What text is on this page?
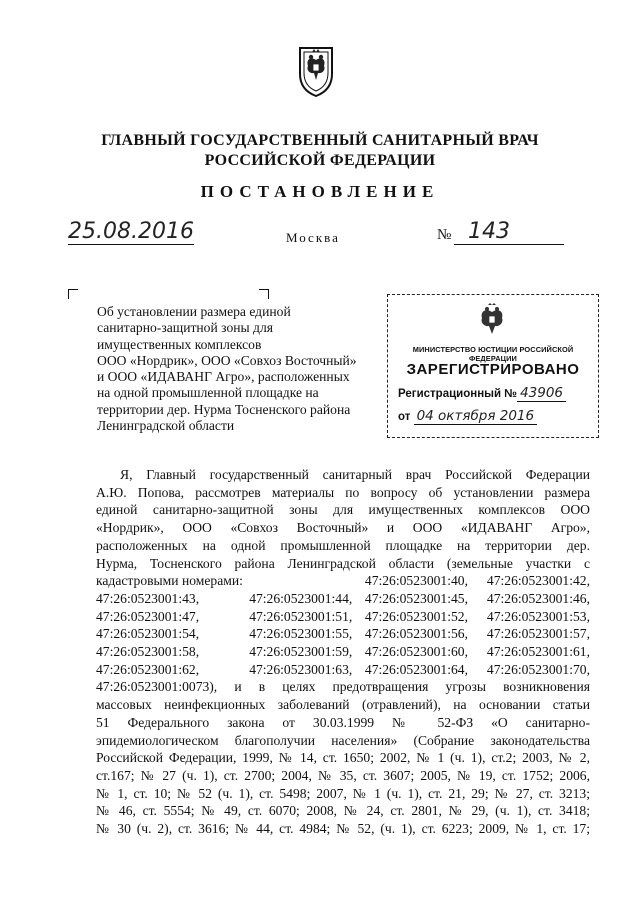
ГЛАВНЫЙ ГОСУДАРСТВЕННЫЙ САНИТАРНЫЙ ВРАЧ
РОССИЙСКОЙ ФЕДЕРАЦИИ
ПОСТАНОВЛЕНИЕ
25.08.2016	Москва	№ 143
Об установлении размера единой
санитарно-защитной зоны для
имущественных комплексов
ООО «Нордрик», ООО «Совхоз Восточный»
и ООО «ИДАВАНГ Агро», расположенных
на одной промышленной площадке на
территории дер. Нурма Тосненского района
Ленинградской области
МИНИСТЕРСТВО ЮСТИЦИИ РОССИЙСКОЙ ФЕДЕРАЦИИ
ЗАРЕГИСТРИРОВАНО
Регистрационный № 43906
от 04 октября 2016
Я, Главный государственный санитарный врач Российской Федерации
А.Ю. Попова, рассмотрев материалы по вопросу об установлении размера
единой санитарно-защитной зоны для имущественных комплексов ООО
«Нордрик», ООО «Совхоз Восточный» и ООО «ИДАВАНГ Агро»,
расположенных на одной промышленной площадке на территории дер.
Нурма, Тосненского района Ленинградской области (земельные участки с
кадастровыми номерами:	47:26:0523001:40,	47:26:0523001:42,
47:26:0523001:43,	47:26:0523001:44, 47:26:0523001:45,	47:26:0523001:46,
47:26:0523001:47,	47:26:0523001:51, 47:26:0523001:52,	47:26:0523001:53,
47:26:0523001:54,	47:26:0523001:55, 47:26:0523001:56,	47:26:0523001:57,
47:26:0523001:58,	47:26:0523001:59, 47:26:0523001:60,	47:26:0523001:61,
47:26:0523001:62,	47:26:0523001:63, 47:26:0523001:64,	47:26:0523001:70,
47:26:0523001:0073), и в целях предотвращения угрозы возникновения
массовых неинфекционных заболеваний (отравлений), на основании статьи
51 Федерального закона от 30.03.1999 № 52-ФЗ «О санитарно-
эпидемиологическом благополучии населения» (Собрание законодательства
Российской Федерации, 1999, № 14, ст. 1650; 2002, № 1 (ч. 1), ст.2; 2003, № 2,
ст.167; № 27 (ч. 1), ст. 2700; 2004, № 35, ст. 3607; 2005, № 19, ст. 1752; 2006,
№ 1, ст. 10; № 52 (ч. 1), ст. 5498; 2007, № 1 (ч. 1), ст. 21, 29; № 27, ст. 3213;
№ 46, ст. 5554; № 49, ст. 6070; 2008, № 24, ст. 2801, № 29, (ч. 1), ст. 3418;
№ 30 (ч. 2), ст. 3616; № 44, ст. 4984; № 52, (ч. 1), ст. 6223; 2009, № 1, ст. 17;
